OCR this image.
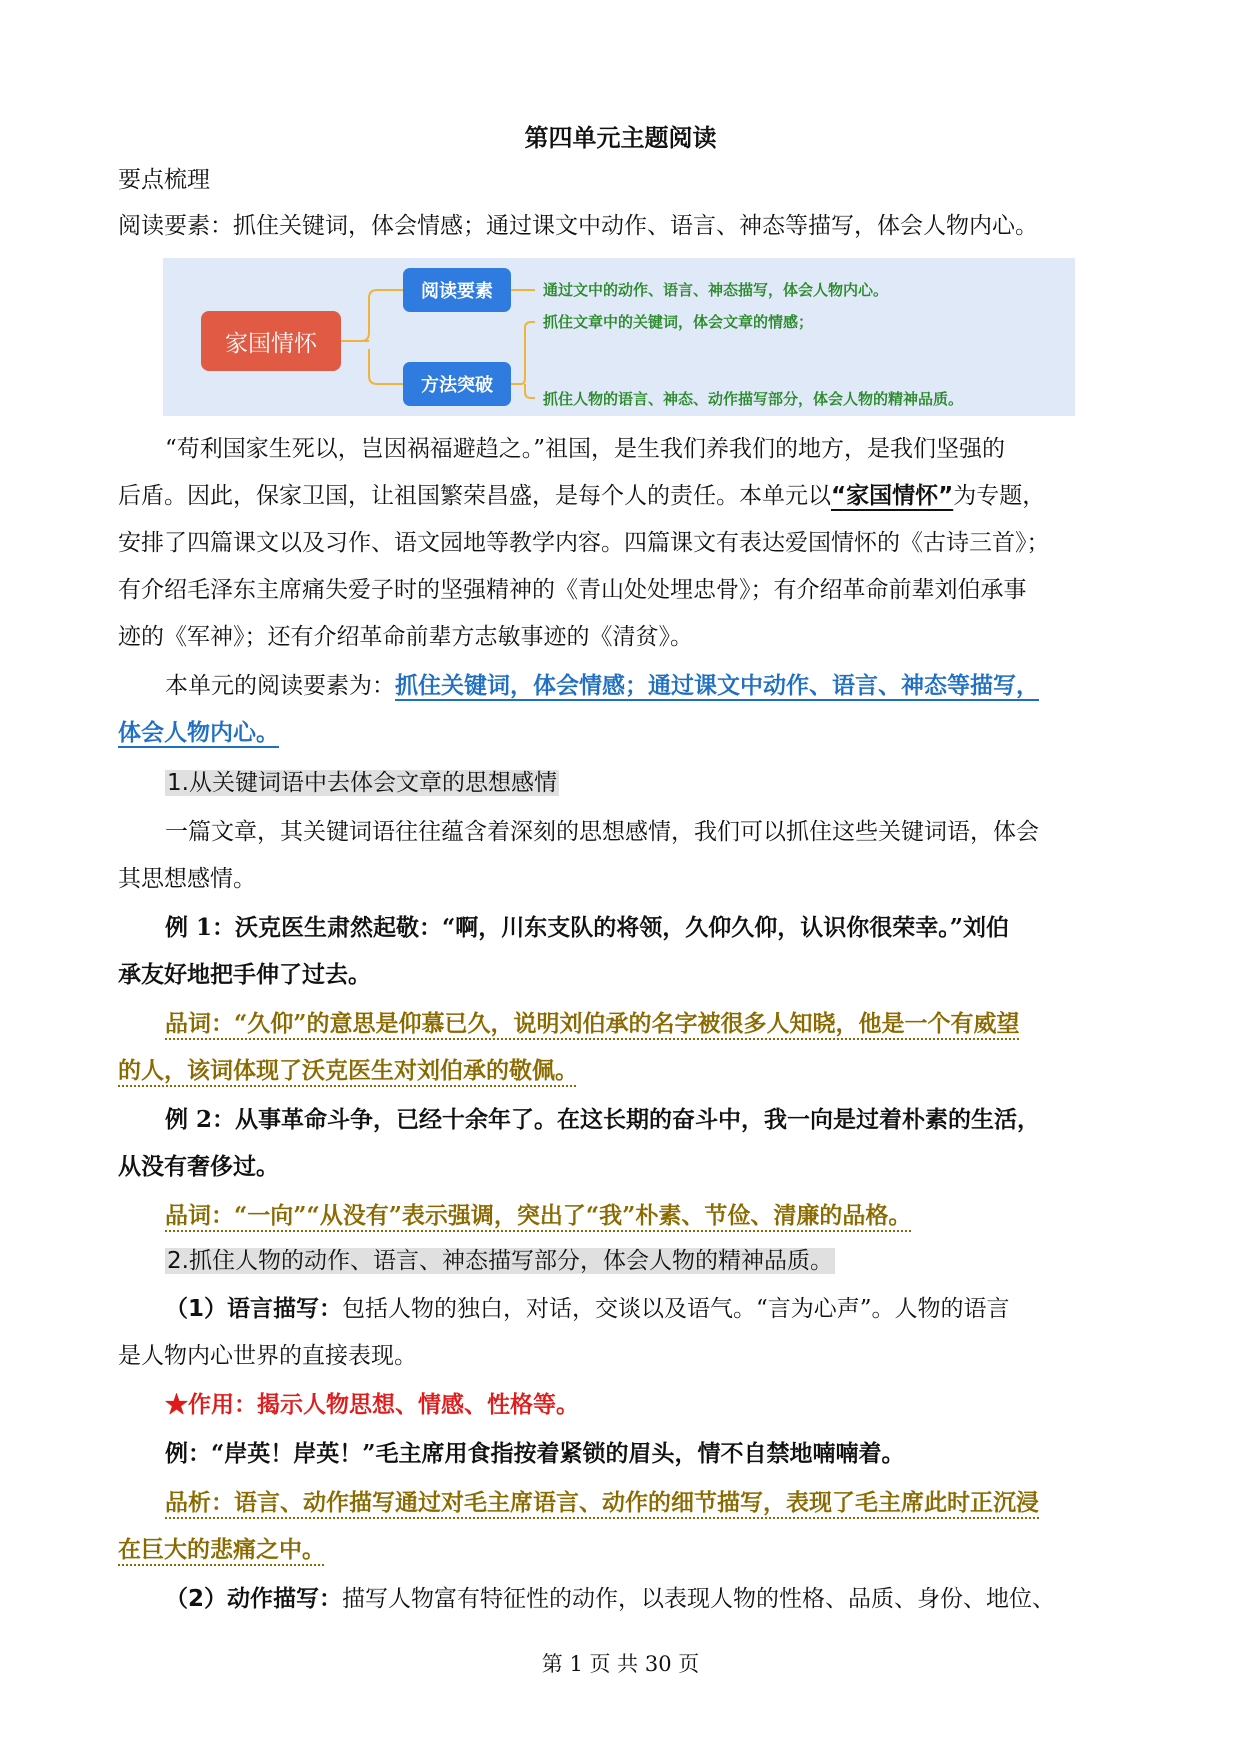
第四单元主题阅读
要点梳理
阅读要素：抓住关键词，体会情感；通过课文中动作、语言、神态等描写，体会人物内心。
家国情怀
阅读要素
方法突破
通过文中的动作、语言、神态描写，体会人物内心。
抓住文章中的关键词，体会文章的情感；
抓住人物的语言、神态、动作描写部分，体会人物的精神品质。
“苟利国家生死以，岂因祸福避趋之。”祖国，是生我们养我们的地方，是我们坚强的
后盾。因此，保家卫国，让祖国繁荣昌盛，是每个人的责任。本单元以“家国情怀”为专题，
安排了四篇课文以及习作、语文园地等教学内容。四篇课文有表达爱国情怀的《古诗三首》；
有介绍毛泽东主席痛失爱子时的坚强精神的《青山处处埋忠骨》；有介绍革命前辈刘伯承事
迹的《军神》；还有介绍革命前辈方志敏事迹的《清贫》。
本单元的阅读要素为：抓住关键词，体会情感；通过课文中动作、语言、神态等描写，
体会人物内心。
1.从关键词语中去体会文章的思想感情
一篇文章，其关键词语往往蕴含着深刻的思想感情，我们可以抓住这些关键词语，体会
其思想感情。
例 1：沃克医生肃然起敬：“啊，川东支队的将领，久仰久仰，认识你很荣幸。”刘伯
承友好地把手伸了过去。
品词：“久仰”的意思是仰慕已久，说明刘伯承的名字被很多人知晓，他是一个有威望
的人，该词体现了沃克医生对刘伯承的敬佩。
例 2：从事革命斗争，已经十余年了。在这长期的奋斗中，我一向是过着朴素的生活，
从没有奢侈过。
品词：“一向”“从没有”表示强调，突出了“我”朴素、节俭、清廉的品格。
2.抓住人物的动作、语言、神态描写部分，体会人物的精神品质。
（1）语言描写：包括人物的独白，对话，交谈以及语气。“言为心声”。人物的语言
是人物内心世界的直接表现。
★作用：揭示人物思想、情感、性格等。
例：“岸英！岸英！”毛主席用食指按着紧锁的眉头，情不自禁地喃喃着。
品析：语言、动作描写通过对毛主席语言、动作的细节描写，表现了毛主席此时正沉浸
在巨大的悲痛之中。
（2）动作描写：描写人物富有特征性的动作，以表现人物的性格、品质、身份、地位、
第 1 页 共 30 页
